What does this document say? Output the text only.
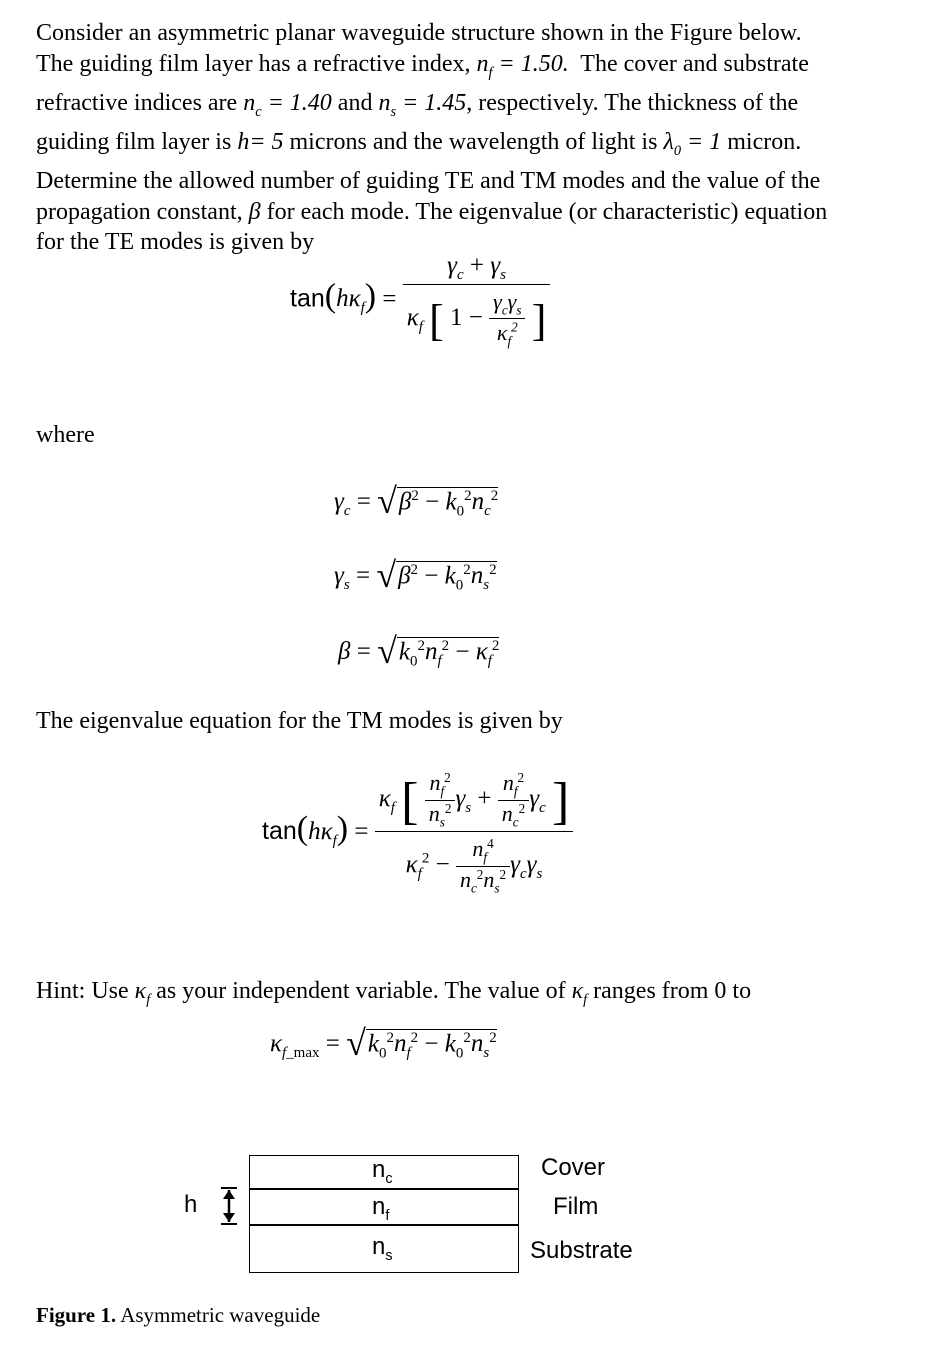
Consider an asymmetric planar waveguide structure shown in the Figure below.
The guiding film layer has a refractive index, $n_f = 1.50$. The cover and substrate
refractive indices are $n_c = 1.40$ and $n_s = 1.45$, respectively. The thickness of the
guiding film layer is h= 5 microns and the wavelength of light is $\lambda_0 = 1$ micron.
Determine the allowed number of guiding TE and TM modes and the value of the
propagation constant, β for each mode. The eigenvalue (or characteristic) equation
for the TE modes is given by
$\tan(h\kappa_f) = \frac{\gamma_c + \gamma_s}{\kappa_f [ 1 - \frac{\gamma_c\gamma_s}{\kappa_f^2} ]}$
where
$\gamma_c = √\beta^2 - k_0^2n_c^2$
$\gamma_s = √\beta^2 - k_0^2n_s^2$
$\beta = √k_0^2n_f^2 - \kappa_f^2$
The eigenvalue equation for the TM modes is given by
$\tan(h\kappa_f) = \frac{\kappa_f [ \frac{n_f^2}{n_s^2} \gamma_s + \frac{n_f^2}{n_c^2} \gamma_c ]}{\kappa_f^2 - \frac{n_f^4}{n_c^2n_s^2} \gamma_c\gamma_s}$
Hint: Use $\kappa_f$ as your independent variable. The value of $\kappa_f$ ranges from 0 to
$\kappa_{f\_max} = √k_0^2n_f^2 - k_0^2n_s^2$
$n_c$
$n_f$
$n_s$
Cover
Film
Substrate
h
Figure 1. Asymmetric waveguide
